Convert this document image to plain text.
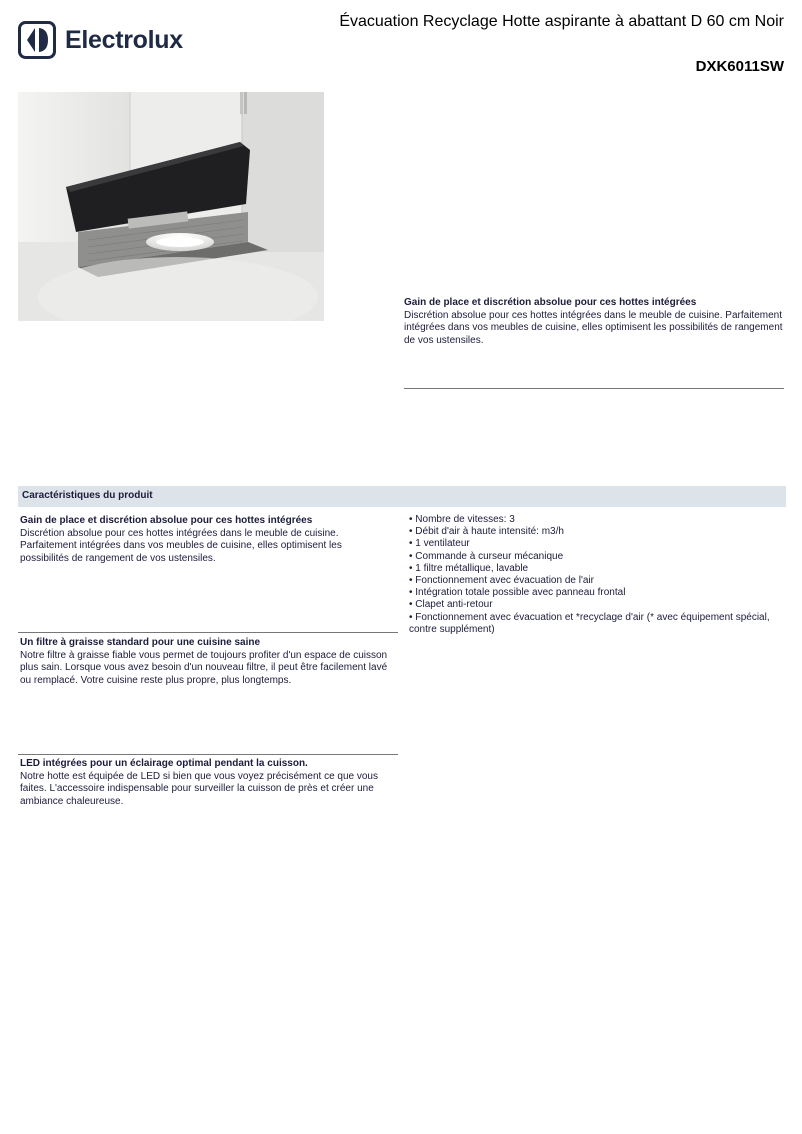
Electrolux
Évacuation Recyclage Hotte aspirante à abattant D 60 cm Noir
DXK6011SW
Gain de place et discrétion absolue pour ces hottes intégrées
Discrétion absolue pour ces hottes intégrées dans le meuble de cuisine. Parfaitement intégrées dans vos meubles de cuisine, elles optimisent les possibilités de rangement de vos ustensiles.
Caractéristiques du produit
Gain de place et discrétion absolue pour ces hottes intégrées
Discrétion absolue pour ces hottes intégrées dans le meuble de cuisine. Parfaitement intégrées dans vos meubles de cuisine, elles optimisent les possibilités de rangement de vos ustensiles.
Un filtre à graisse standard pour une cuisine saine
Notre filtre à graisse fiable vous permet de toujours profiter d'un espace de cuisson plus sain. Lorsque vous avez besoin d'un nouveau filtre, il peut être facilement lavé ou remplacé. Votre cuisine reste plus propre, plus longtemps.
LED intégrées pour un éclairage optimal pendant la cuisson.
Notre hotte est équipée de LED si bien que vous voyez précisément ce que vous faites. L'accessoire indispensable pour surveiller la cuisson de près et créer une ambiance chaleureuse.
• Nombre de vitesses: 3
• Débit d'air à haute intensité: m3/h
• 1 ventilateur
• Commande à curseur mécanique
• 1 filtre métallique, lavable
• Fonctionnement avec évacuation de l'air
• Intégration totale possible avec panneau frontal
• Clapet anti-retour
• Fonctionnement avec évacuation et *recyclage d'air (* avec équipement spécial, contre supplément)
